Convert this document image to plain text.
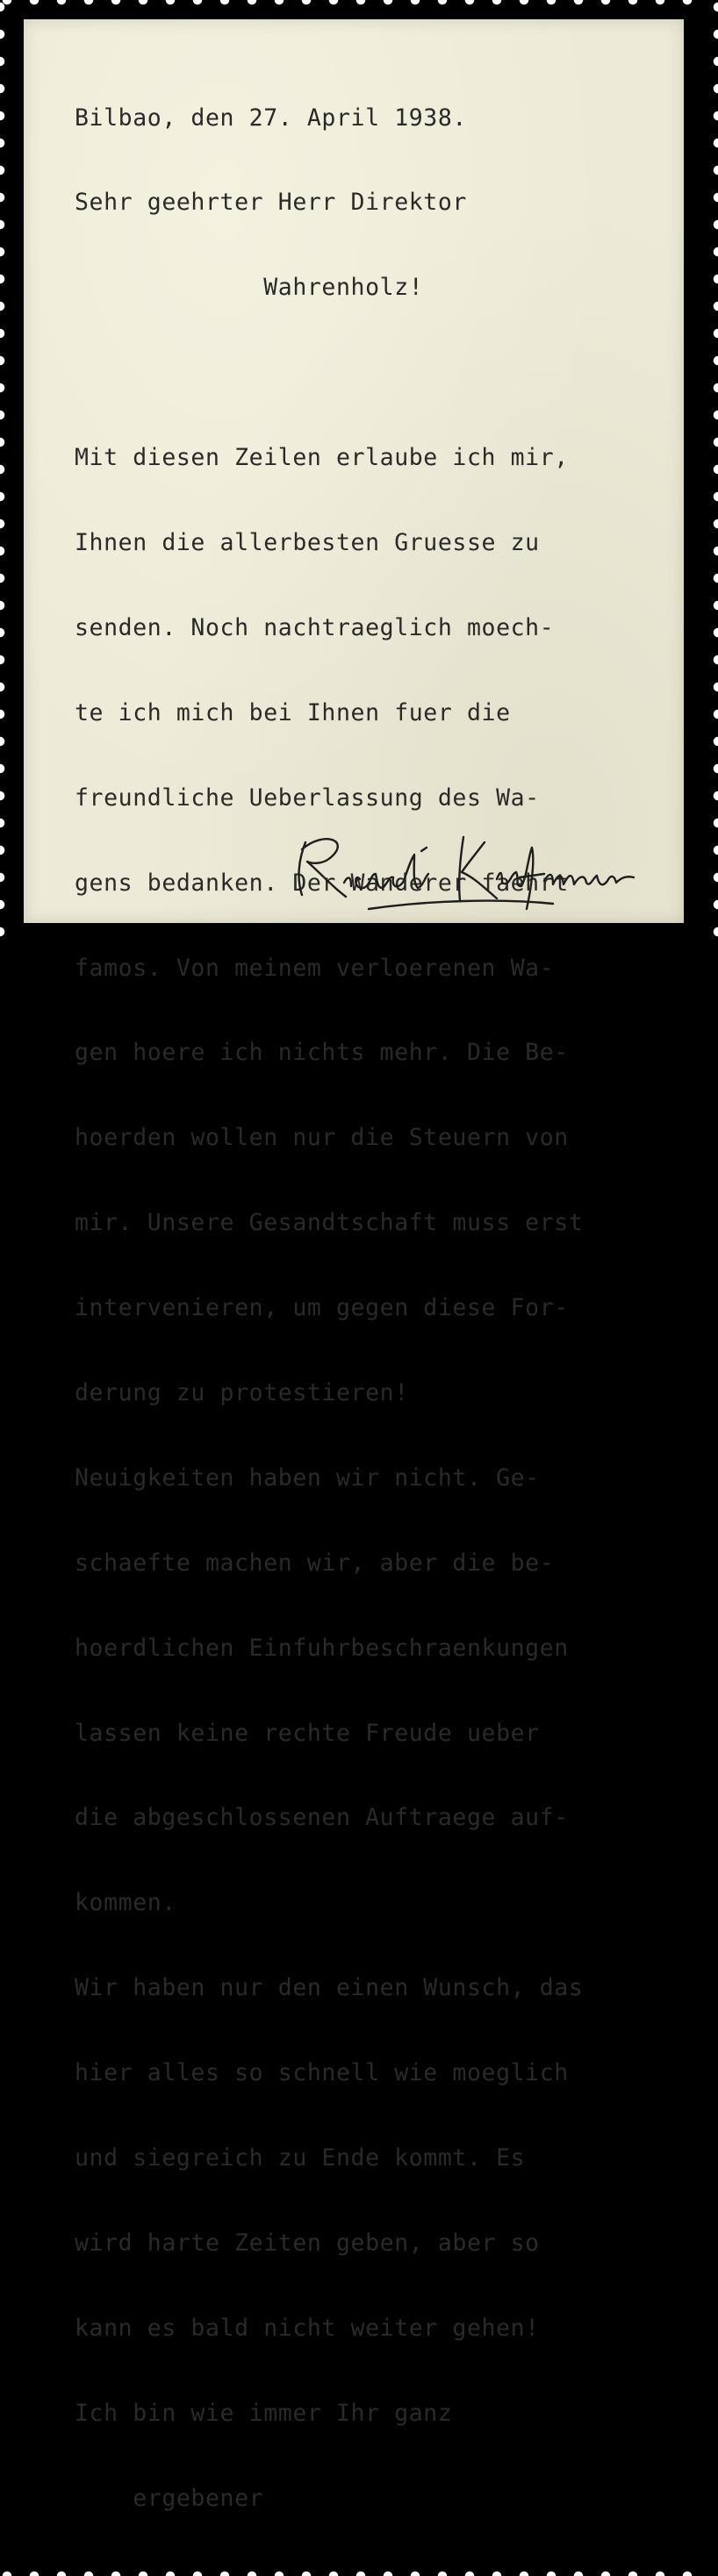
Bilbao, den 27. April 1938.

Sehr geehrter Herr Direktor

Wahrenholz!

Mit diesen Zeilen erlaube ich mir,

Ihnen die allerbesten Gruesse zu

senden. Noch nachtraeglich moech-

te ich mich bei Ihnen fuer die

freundliche Ueberlassung des Wa-

gens bedanken. Der Wanderer faehrt

famos. Von meinem verloerenen Wa-

gen hoere ich nichts mehr. Die Be-

hoerden wollen nur die Steuern von

mir. Unsere Gesandtschaft muss erst

intervenieren, um gegen diese For-

derung zu protestieren!

Neuigkeiten haben wir nicht. Ge-

schaefte machen wir, aber die be-

hoerdlichen Einfuhrbeschraenkungen

lassen keine rechte Freude ueber

die abgeschlossenen Auftraege auf-

kommen.

Wir haben nur den einen Wunsch, das

hier alles so schnell wie moeglich

und siegreich zu Ende kommt. Es

wird harte Zeiten geben, aber so

kann es bald nicht weiter gehen!

Ich bin wie immer Ihr ganz

ergebener
